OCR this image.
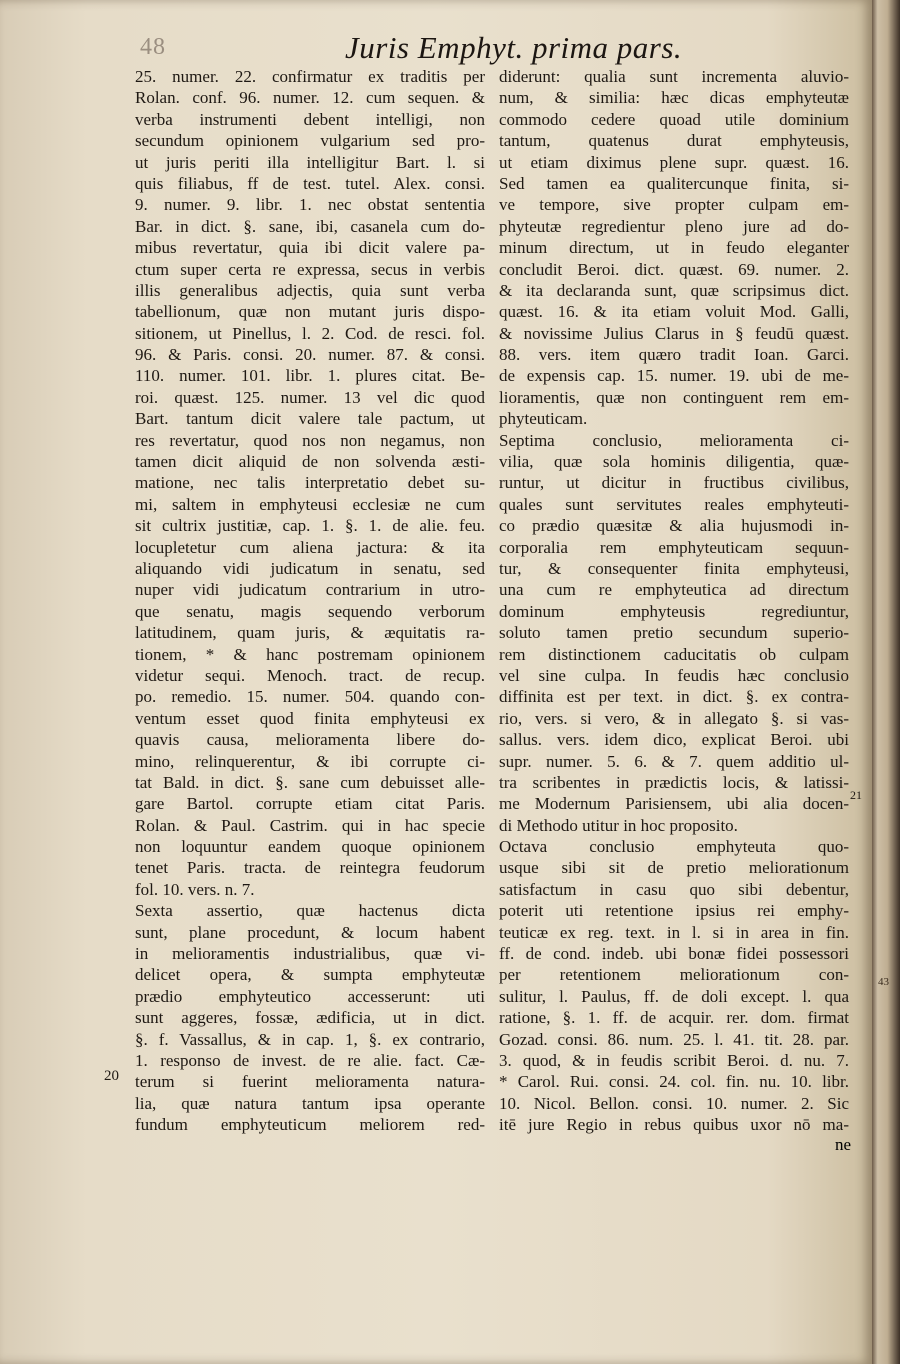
48	Juris Emphyt. prima pars.
25. numer. 22. confirmatur ex traditis per
Rolan. conf. 96. numer. 12. cum sequen. &
verba instrumenti debent intelligi, non
secundum opinionem vulgarium sed pro-
ut juris periti illa intelligitur Bart. l. si
quis filiabus, ff de test. tutel. Alex. consi.
9. numer. 9. libr. 1. nec obstat sententia
Bar. in dict. §. sane, ibi, casanela cum do-
mibus revertatur, quia ibi dicit valere pa-
ctum super certa re expressa, secus in verbis
illis generalibus adjectis, quia sunt verba
tabellionum, quæ non mutant juris dispo-
sitionem, ut Pinellus, l. 2. Cod. de resci. fol.
96. & Paris. consi. 20. numer. 87. & consi.
110. numer. 101. libr. 1. plures citat. Be-
roi. quæst. 125. numer. 13 vel dic quod
Bart. tantum dicit valere tale pactum, ut
res revertatur, quod nos non negamus, non
tamen dicit aliquid de non solvenda æsti-
matione, nec talis interpretatio debet su-
mi, saltem in emphyteusi ecclesiæ ne cum
sit cultrix justitiæ, cap. 1. §. 1. de alie. feu.
locupletetur cum aliena jactura: & ita
aliquando vidi judicatum in senatu, sed
nuper vidi judicatum contrarium in utro-
que senatu, magis sequendo verborum
latitudinem, quam juris, & æquitatis ra-
tionem, * & hanc postremam opinionem
videtur sequi. Menoch. tract. de recup.
po. remedio. 15. numer. 504. quando con-
ventum esset quod finita emphyteusi ex
quavis causa, melioramenta libere do-
mino, relinquerentur, & ibi corrupte ci-
tat Bald. in dict. §. sane cum debuisset alle-
gare Bartol. corrupte etiam citat Paris.
Rolan. & Paul. Castrim. qui in hac specie
non loquuntur eandem quoque opinionem
tenet Paris. tracta. de reintegra feudorum
fol. 10. vers. n. 7.
Sexta assertio, quæ hactenus dicta
sunt, plane procedunt, & locum habent
in melioramentis industrialibus, quæ vi-
delicet opera, & sumpta emphyteutæ
prædio emphyteutico accesserunt: uti
sunt aggeres, fossæ, ædificia, ut in dict.
§. f. Vassallus, & in cap. 1, §. ex contrario,
1. responso de invest. de re alie. fact. Cæ-
terum si fuerint melioramenta natura-
lia, quæ natura tantum ipsa operante
fundum emphyteuticum meliorem red-
diderunt: qualia sunt incrementa aluvio-
num, & similia: hæc dicas emphyteutæ
commodo cedere quoad utile dominium
tantum, quatenus durat emphyteusis,
ut etiam diximus plene supr. quæst. 16.
Sed tamen ea qualitercunque finita, si-
ve tempore, sive propter culpam em-
phyteutæ regredientur pleno jure ad do-
minum directum, ut in feudo eleganter
concludit Beroi. dict. quæst. 69. numer. 2.
& ita declaranda sunt, quæ scripsimus dict.
quæst. 16. & ita etiam voluit Mod. Galli,
& novissime Julius Clarus in § feudū quæst.
88. vers. item quæro tradit Ioan. Garci.
de expensis cap. 15. numer. 19. ubi de me-
lioramentis, quæ non continguent rem em-
phyteuticam.
Septima conclusio, melioramenta ci-
vilia, quæ sola hominis diligentia, quæ-
runtur, ut dicitur in fructibus civilibus,
quales sunt servitutes reales emphyteuti-
co prædio quæsitæ & alia hujusmodi in-
corporalia rem emphyteuticam sequun-
tur, & consequenter finita emphyteusi,
una cum re emphyteutica ad directum
dominum emphyteusis regrediuntur,
soluto tamen pretio secundum superio-
rem distinctionem caducitatis ob culpam
vel sine culpa. In feudis hæc conclusio
diffinita est per text. in dict. §. ex contra-
rio, vers. si vero, & in allegato §. si vas-
sallus. vers. idem dico, explicat Beroi. ubi
supr. numer. 5. 6. & 7. quem additio ul-
tra scribentes in prædictis locis, & latissi-
me Modernum Parisiensem, ubi alia docen-
di Methodo utitur in hoc proposito.
Octava conclusio emphyteuta quo-
usque sibi sit de pretio meliorationum
satisfactum in casu quo sibi debentur,
poterit uti retentione ipsius rei emphy-
teuticæ ex reg. text. in l. si in area in fin.
ff. de cond. indeb. ubi bonæ fidei possessori
per retentionem meliorationum con-
sulitur, l. Paulus, ff. de doli except. l. qua
ratione, §. 1. ff. de acquir. rer. dom. firmat
Gozad. consi. 86. num. 25. l. 41. tit. 28. par.
3. quod, & in feudis scribit Beroi. d. nu. 7.
* Carol. Rui. consi. 24. col. fin. nu. 10. libr.
10. Nicol. Bellon. consi. 10. numer. 2. Sic
itē jure Regio in rebus quibus uxor nō ma-
20
21
ne
43
